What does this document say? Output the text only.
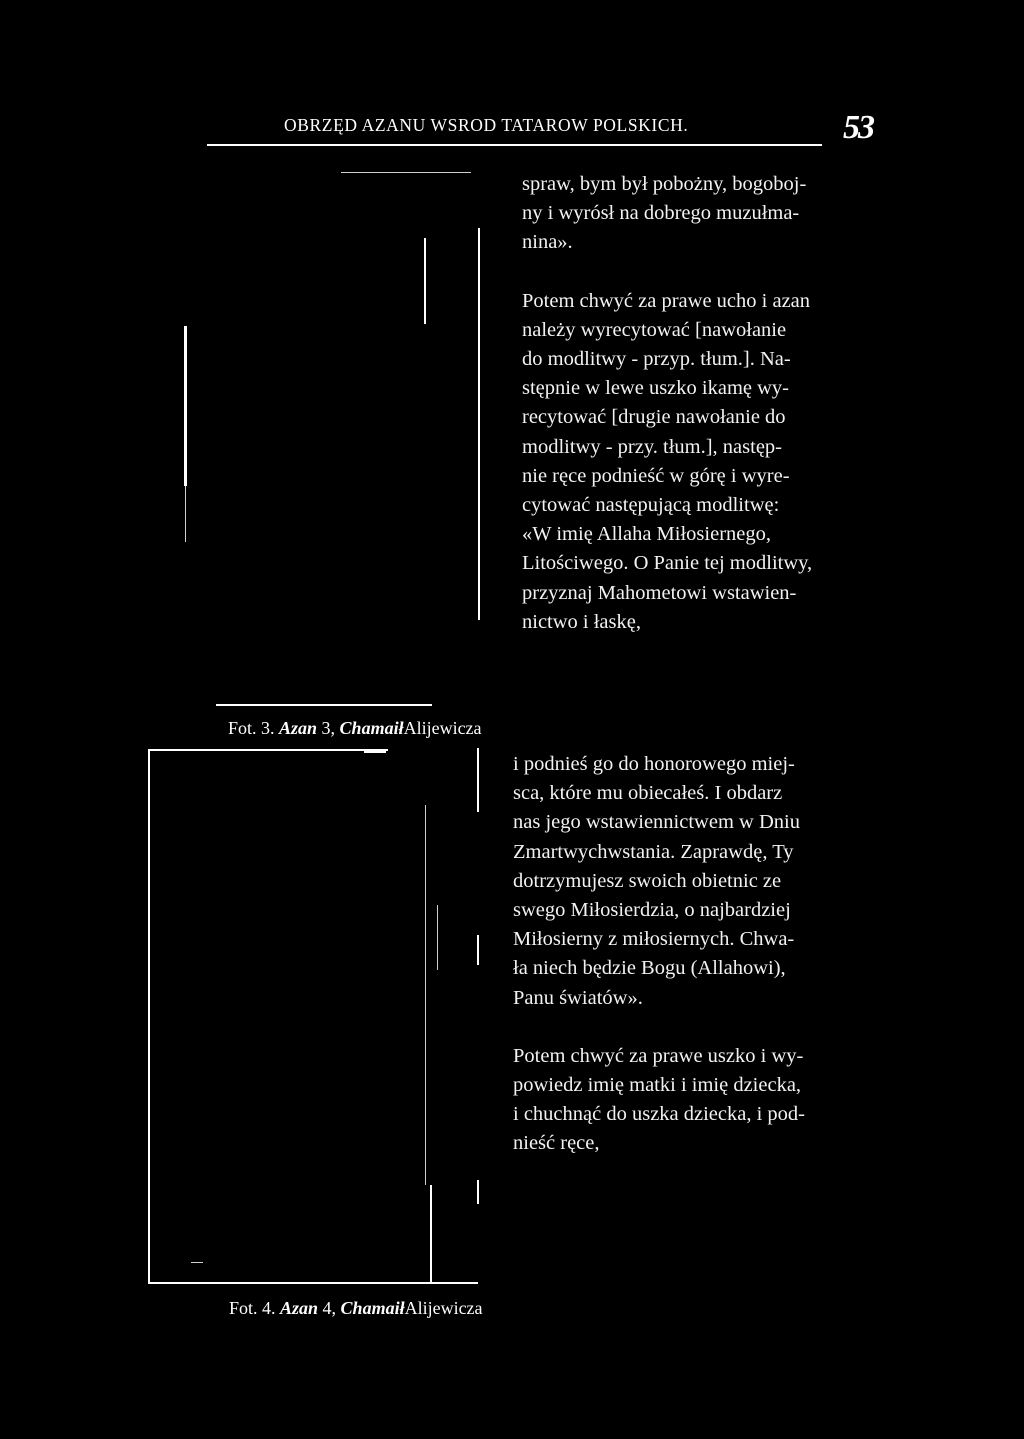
OBRZĘD AZANU WSROD TATAROW POLSKICH.	53

spraw, bym był pobożny, bogoboj-

ny i wyrósł na dobrego muzułma-

nina».

Potem chwyć za prawe ucho i azan

należy wyrecytować [nawołanie

do modlitwy - przyp. tłum.]. Na-

stępnie w lewe uszko ikamę wy-

recytować [drugie nawołanie do

modlitwy - przy. tłum.], następ-

nie ręce podnieść w górę i wyre-

cytować następującą modlitwę:

«W imię Allaha Miłosiernego,

Litościwego. O Panie tej modlitwy,

przyznaj Mahometowi wstawien-

nictwo i łaskę,

Fot. 3. Azan 3, ChamaiłAlijewicza

i podnieś go do honorowego miej-

sca, które mu obiecałeś. I obdarz

nas jego wstawiennictwem w Dniu

Zmartwychwstania. Zaprawdę, Ty

dotrzymujesz swoich obietnic ze

swego Miłosierdzia, o najbardziej

Miłosierny z miłosiernych. Chwa-

ła niech będzie Bogu (Allahowi),

Panu światów».

Potem chwyć za prawe uszko i wy-

powiedz imię matki i imię dziecka,

i chuchnąć do uszka dziecka, i pod-

nieść ręce,

Fot. 4. Azan 4, ChamaiłAlijewicza
